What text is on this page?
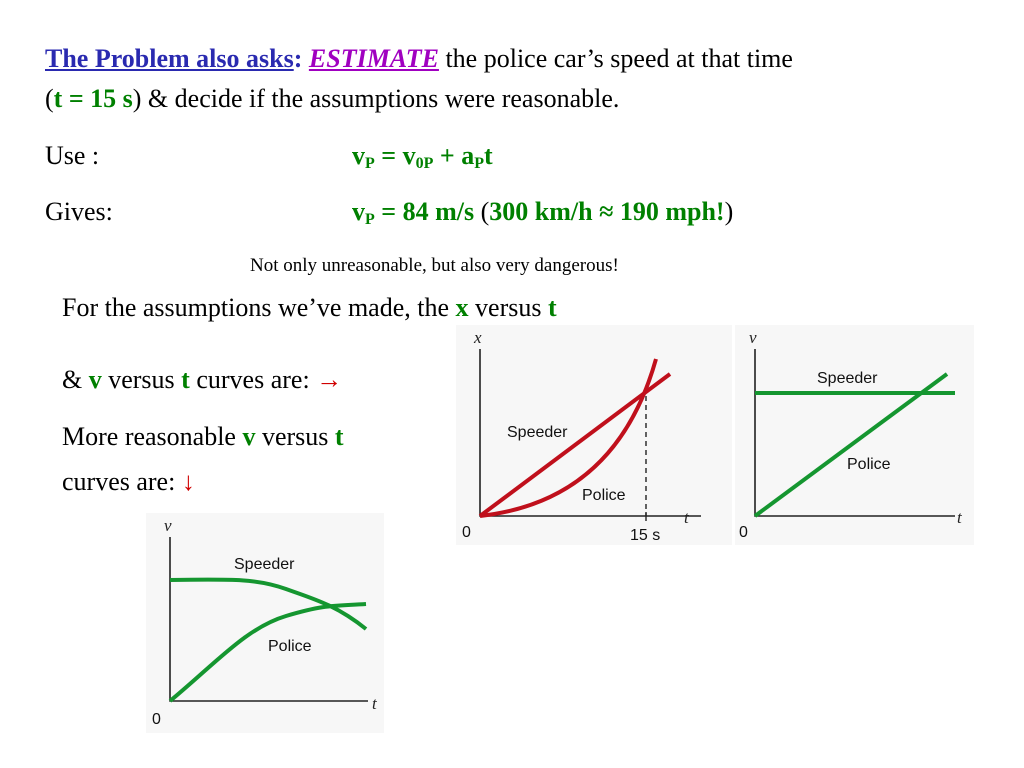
The Problem also asks: ESTIMATE the police car’s speed at that time
(t = 15 s) & decide if the assumptions were reasonable.
Use :	$v_P = v_{0P} + a_Pt$
Gives:	$v_P = 84$ m/s (300 km/h ≈ 190 mph!)
Not only unreasonable, but also very dangerous!
For the assumptions we’ve made, the x versus t
& v versus t curves are: →
More reasonable v versus t
curves are: ↓
x
t
0	15 s
Speeder
Police
v
t
0
Speeder
Police
v
t
0
Speeder
Police
